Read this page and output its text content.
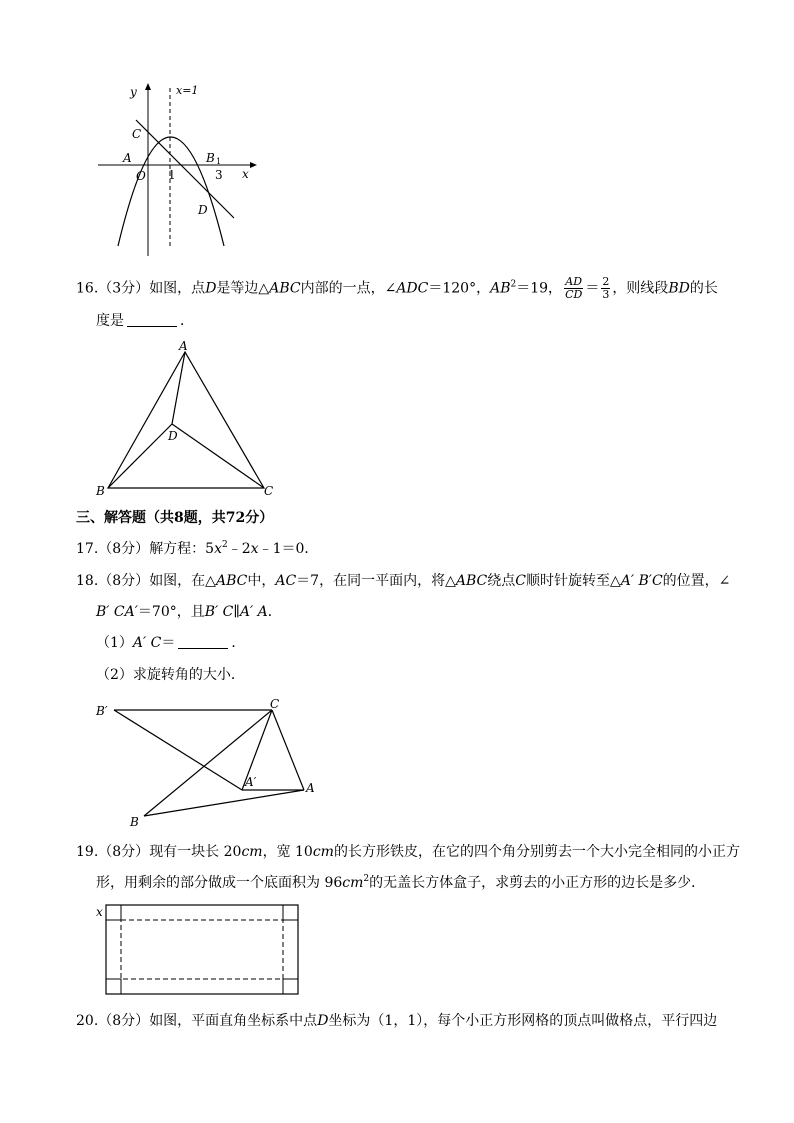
y	x=1
C
A	B 1
O 1	3 x
D
16.（3分）如图，点D是等边△ABC内部的一点，∠ADC＝120°，$AB^2=19$， $\frac{AD}{CD} = \frac{2}{3}$ ，则线段BD的长
度是	．
A
D
B	C
三、解答题（共8题，共72分）
17.（8分）解方程：$5x^2﹣2x﹣1=0$．
18.（8分）如图，在△ABC中，AC＝7，在同一平面内，将△ABC绕点C顺时针旋转至△A′ B′C的位置，∠
B′ CA′＝70°，且B′ C∥A′ A．
（1）A′ C＝	．
（2）求旋转角的大小．
B′	C
A′	A
B
19.（8分）现有一块长 20cm，宽 10cm的长方形铁皮，在它的四个角分别剪去一个大小完全相同的小正方
形，用剩余的部分做成一个底面积为 $96cm^2$的无盖长方体盒子，求剪去的小正方形的边长是多少．
x
20.（8分）如图，平面直角坐标系中点D坐标为（1，1），每个小正方形网格的顶点叫做格点，平行四边
